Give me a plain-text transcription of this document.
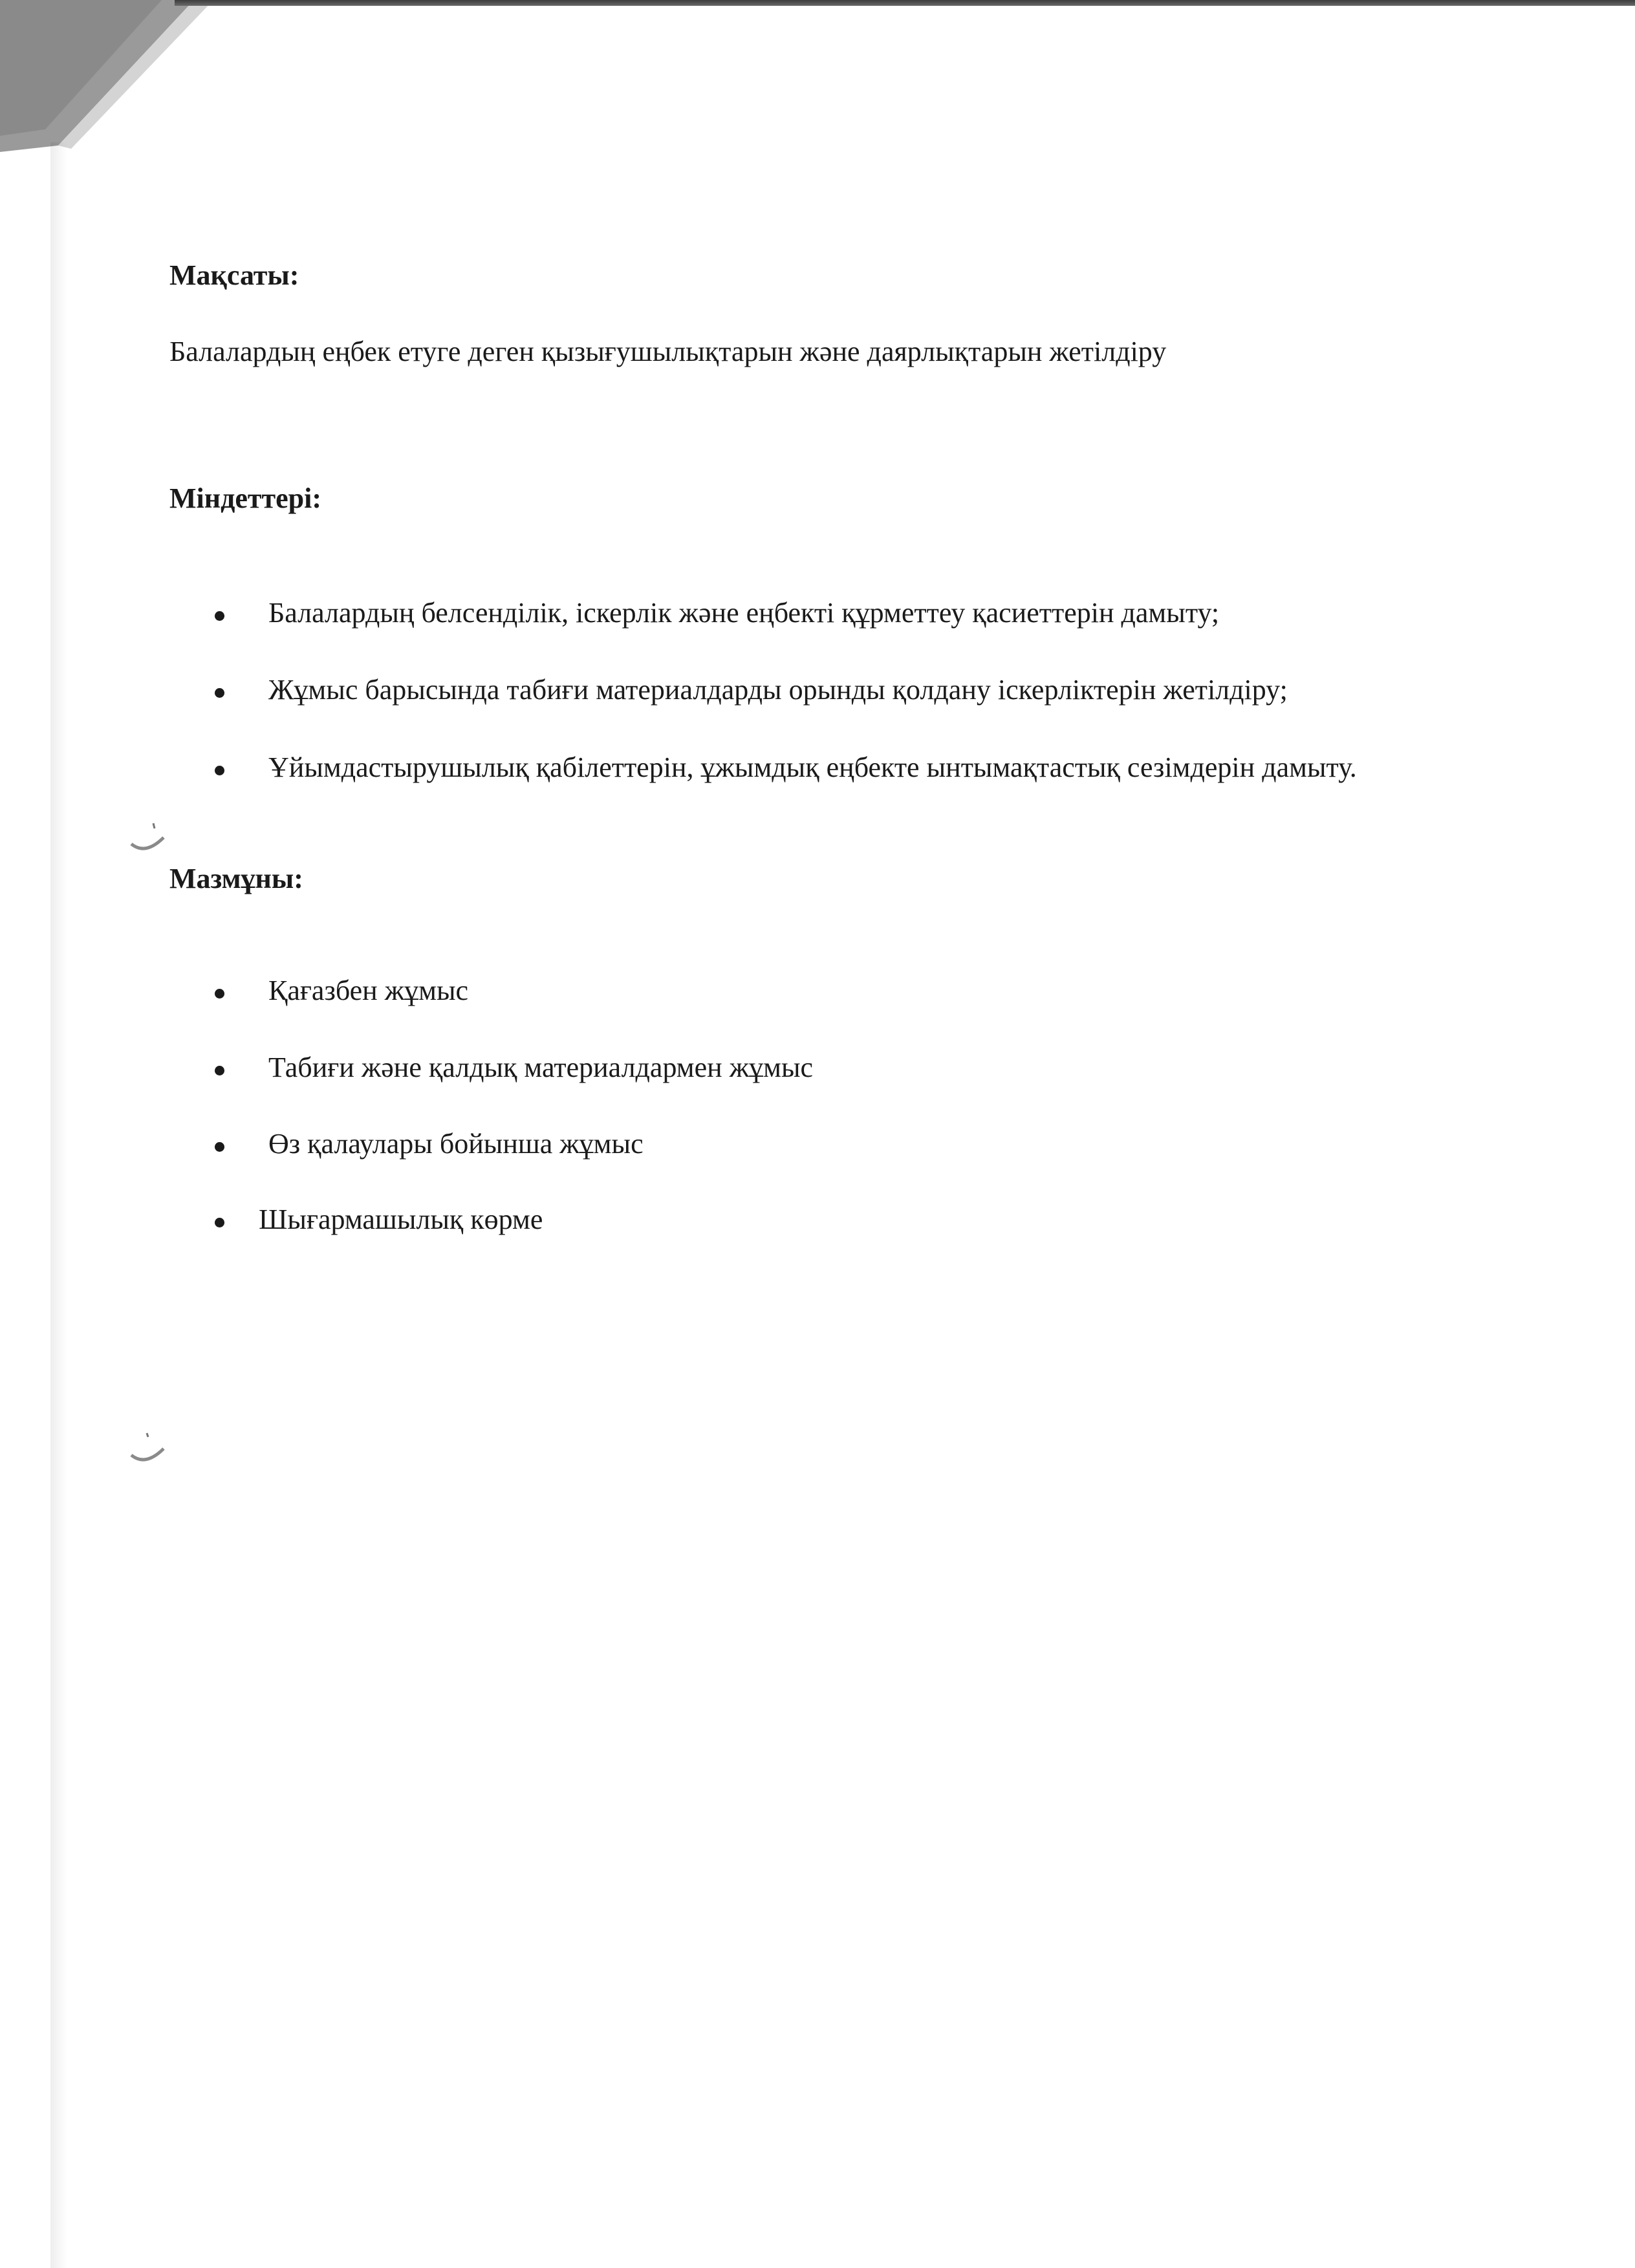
Мақсаты:

Балалардың еңбек етуге деген қызығушылықтарын және даярлықтарын жетілдіру

Міндеттері:

Балалардың белсенділік, іскерлік және еңбекті құрметтеу қасиеттерін дамыту;

Жұмыс барысында табиғи материалдарды орынды қолдану іскерліктерін жетілдіру;

Ұйымдастырушылық қабілеттерін, ұжымдық еңбекте ынтымақтастық сезімдерін дамыту.

Мазмұны:

Қағазбен жұмыс

Табиғи және қалдық материалдармен жұмыс

Өз қалаулары бойынша жұмыс

Шығармашылық көрме
